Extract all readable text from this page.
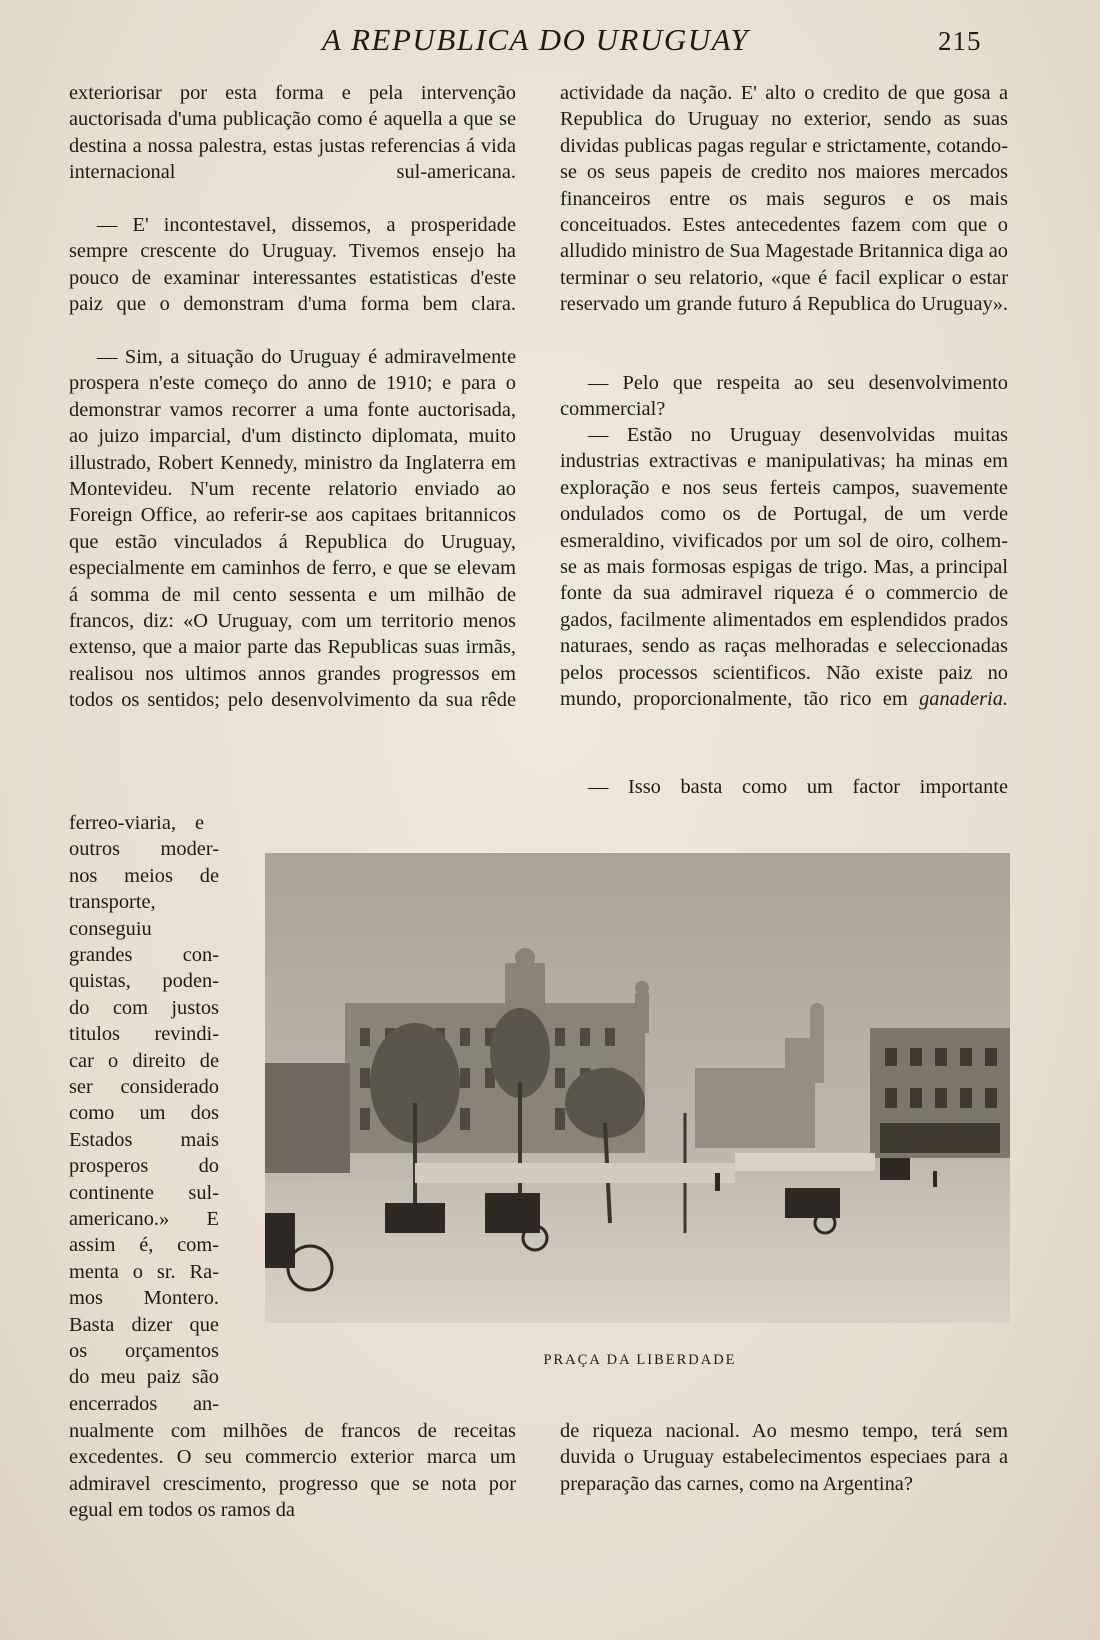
A REPUBLICA DO URUGUAY	215
exteriorisar por esta forma e pela intervenção auctorisada d'uma publicação como é aquella a que se destina a nossa palestra, estas justas referencias á vida internacional sul-americana.
— E' incontestavel, dissemos, a prosperidade sempre crescente do Uruguay. Tivemos ensejo ha pouco de examinar interessantes estatisticas d'este paiz que o demonstram d'uma forma bem clara.
— Sim, a situação do Uruguay é admiravelmente prospera n'este começo do anno de 1910; e para o demonstrar vamos recorrer a uma fonte auctorisada, ao juizo imparcial, d'um distincto diplomata, muito illustrado, Robert Kennedy, ministro da Inglaterra em Montevideu. N'um recente relatorio enviado ao Foreign Office, ao referir-se aos capitaes britannicos que estão vinculados á Republica do Uruguay, especialmente em caminhos de ferro, e que se elevam á somma de mil cento sessenta e um milhão de francos, diz: «O Uruguay, com um territorio menos extenso, que a maior parte das Republicas suas irmãs, realisou nos ultimos annos grandes progressos em todos os sentidos; pelo desenvolvimento da sua rêde
ferreo-viaria, e
outros moder-
nos meios de
transporte,
conseguiu
grandes con-
quistas, poden-
do com justos
titulos revindi-
car o direito de
ser considerado
como um dos
Estados mais
prosperos do
continente sul-
americano.» E
assim é, com-
menta o sr. Ra-
mos Montero.
Basta dizer que
os orçamentos
do meu paiz são
encerrados an-
nualmente com milhões de francos de receitas excedentes. O seu commercio exterior marca um admiravel crescimento, progresso que se nota por egual em todos os ramos da
actividade da nação. E' alto o credito de que gosa a Republica do Uruguay no exterior, sendo as suas dividas publicas pagas regular e strictamente, cotando-se os seus papeis de credito nos maiores mercados financeiros entre os mais seguros e os mais conceituados. Estes antecedentes fazem com que o alludido ministro de Sua Magestade Britannica diga ao terminar o seu relatorio, «que é facil explicar o estar reservado um grande futuro á Republica do Uruguay».
— Pelo que respeita ao seu desenvolvimento commercial?
— Estão no Uruguay desenvolvidas muitas industrias extractivas e manipulativas; ha minas em exploração e nos seus ferteis campos, suavemente ondulados como os de Portugal, de um verde esmeraldino, vivificados por um sol de oiro, colhem-se as mais formosas espigas de trigo. Mas, a principal fonte da sua admiravel riqueza é o commercio de gados, facilmente alimentados em esplendidos prados naturaes, sendo as raças melhoradas e seleccionadas pelos processos scientificos. Não existe paiz no mundo, proporcionalmente, tão rico em ganaderia.
— Isso basta como um factor importante
de riqueza nacional. Ao mesmo tempo, terá sem duvida o Uruguay estabelecimentos especiaes para a preparação das carnes, como na Argentina?
PRAÇA DA LIBERDADE
